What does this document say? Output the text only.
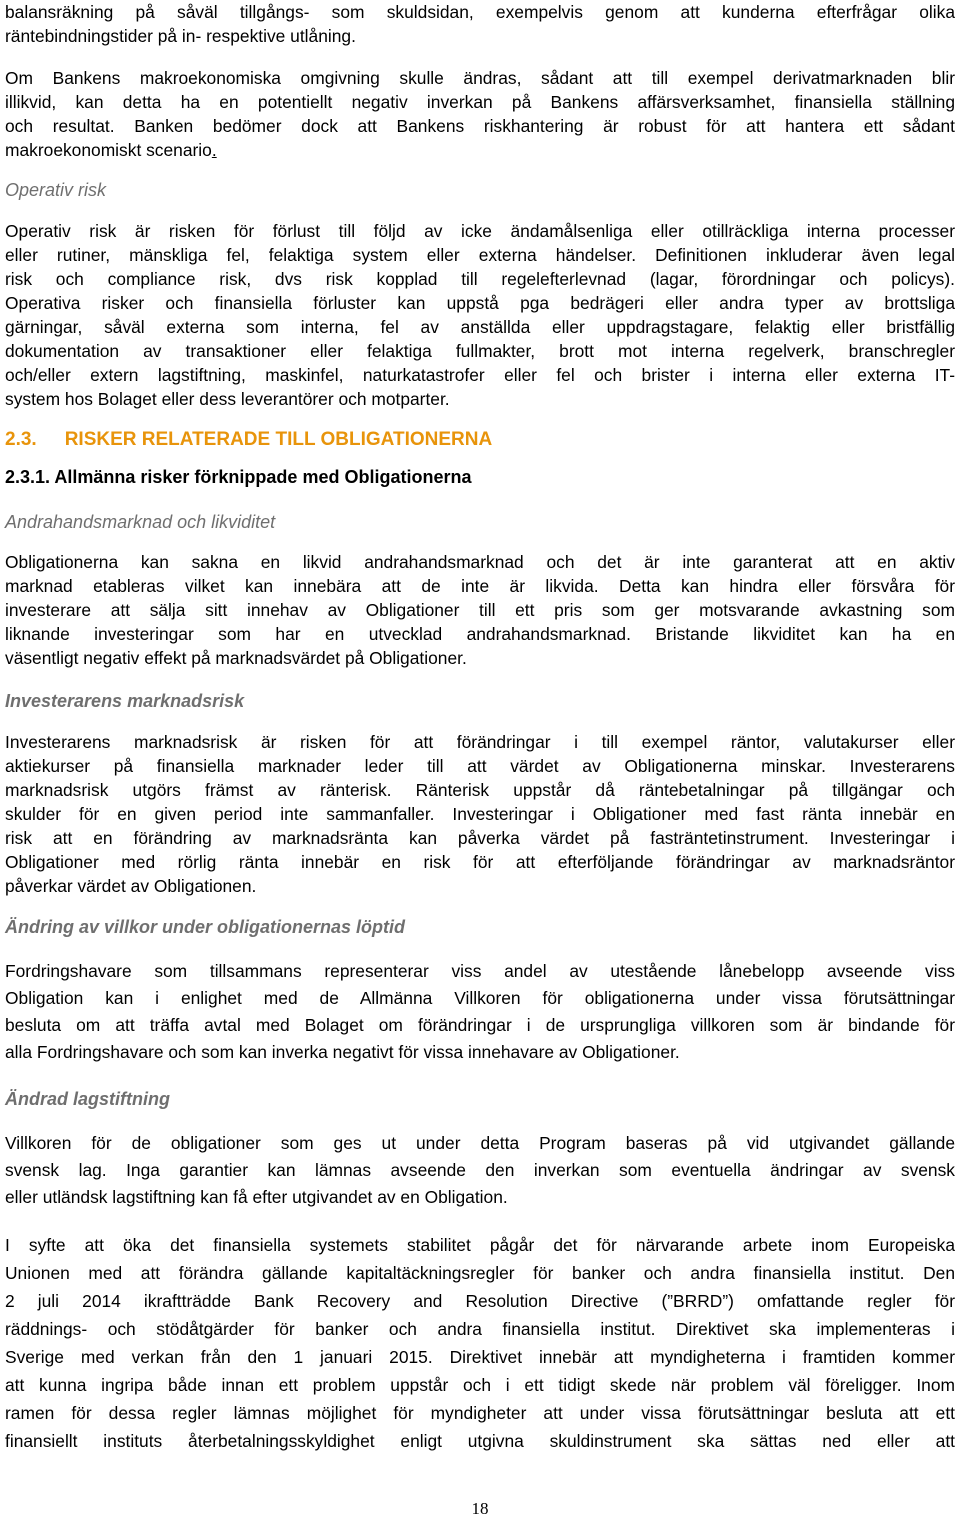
balansräkning på såväl tillgångs- som skuldsidan, exempelvis genom att kunderna efterfrågar olika
räntebindningstider på in- respektive utlåning.

Om Bankens makroekonomiska omgivning skulle ändras, sådant att till exempel derivatmarknaden blir
illikvid, kan detta ha en potentiellt negativ inverkan på Bankens affärsverksamhet, finansiella ställning
och resultat. Banken bedömer dock att Bankens riskhantering är robust för att hantera ett sådant
makroekonomiskt scenario.

Operativ risk

Operativ risk är risken för förlust till följd av icke ändamålsenliga eller otillräckliga interna processer
eller rutiner, mänskliga fel, felaktiga system eller externa händelser. Definitionen inkluderar även legal
risk och compliance risk, dvs risk kopplad till regelefterlevnad (lagar, förordningar och policys).
Operativa risker och finansiella förluster kan uppstå pga bedrägeri eller andra typer av brottsliga
gärningar, såväl externa som interna, fel av anställda eller uppdragstagare, felaktig eller bristfällig
dokumentation av transaktioner eller felaktiga fullmakter, brott mot interna regelverk, branschregler
och/eller extern lagstiftning, maskinfel, naturkatastrofer eller fel och brister i interna eller externa IT-
system hos Bolaget eller dess leverantörer och motparter.

2.3. RISKER RELATERADE TILL OBLIGATIONERNA

2.3.1. Allmänna risker förknippade med Obligationerna

Andrahandsmarknad och likviditet

Obligationerna kan sakna en likvid andrahandsmarknad och det är inte garanterat att en aktiv
marknad etableras vilket kan innebära att de inte är likvida. Detta kan hindra eller försvåra för
investerare att sälja sitt innehav av Obligationer till ett pris som ger motsvarande avkastning som
liknande investeringar som har en utvecklad andrahandsmarknad. Bristande likviditet kan ha en
väsentligt negativ effekt på marknadsvärdet på Obligationer.

Investerarens marknadsrisk

Investerarens marknadsrisk är risken för att förändringar i till exempel räntor, valutakurser eller
aktiekurser på finansiella marknader leder till att värdet av Obligationerna minskar. Investerarens
marknadsrisk utgörs främst av ränterisk. Ränterisk uppstår då räntebetalningar på tillgängar och
skulder för en given period inte sammanfaller. Investeringar i Obligationer med fast ränta innebär en
risk att en förändring av marknadsränta kan påverka värdet på fasträntetinstrument. Investeringar i
Obligationer med rörlig ränta innebär en risk för att efterföljande förändringar av marknadsräntor
påverkar värdet av Obligationen.

Ändring av villkor under obligationernas löptid

Fordringshavare som tillsammans representerar viss andel av utestående lånebelopp avseende viss
Obligation kan i enlighet med de Allmänna Villkoren för obligationerna under vissa förutsättningar
besluta om att träffa avtal med Bolaget om förändringar i de ursprungliga villkoren som är bindande för
alla Fordringshavare och som kan inverka negativt för vissa innehavare av Obligationer.

Ändrad lagstiftning

Villkoren för de obligationer som ges ut under detta Program baseras på vid utgivandet gällande
svensk lag. Inga garantier kan lämnas avseende den inverkan som eventuella ändringar av svensk
eller utländsk lagstiftning kan få efter utgivandet av en Obligation.

I syfte att öka det finansiella systemets stabilitet pågår det för närvarande arbete inom Europeiska
Unionen med att förändra gällande kapitaltäckningsregler för banker och andra finansiella institut. Den
2 juli 2014 ikraftträdde Bank Recovery and Resolution Directive (”BRRD”) omfattande regler för
räddnings- och stödåtgärder för banker och andra finansiella institut. Direktivet ska implementeras i
Sverige med verkan från den 1 januari 2015. Direktivet innebär att myndigheterna i framtiden kommer
att kunna ingripa både innan ett problem uppstår och i ett tidigt skede när problem väl föreligger. Inom
ramen för dessa regler lämnas möjlighet för myndigheter att under vissa förutsättningar besluta att ett
finansiellt instituts återbetalningsskyldighet enligt utgivna skuldinstrument ska sättas ned eller att

18
